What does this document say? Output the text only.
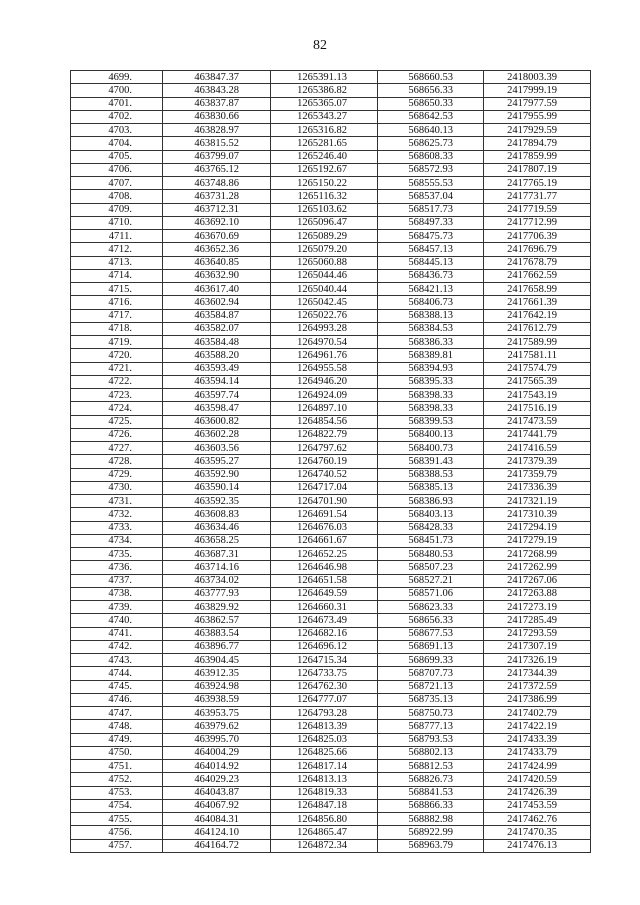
82
4699.	463847.37	1265391.13	568660.53	2418003.39
4700.	463843.28	1265386.82	568656.33	2417999.19
4701.	463837.87	1265365.07	568650.33	2417977.59
4702.	463830.66	1265343.27	568642.53	2417955.99
4703.	463828.97	1265316.82	568640.13	2417929.59
4704.	463815.52	1265281.65	568625.73	2417894.79
4705.	463799.07	1265246.40	568608.33	2417859.99
4706.	463765.12	1265192.67	568572.93	2417807.19
4707.	463748.86	1265150.22	568555.53	2417765.19
4708.	463731.28	1265116.32	568537.04	2417731.77
4709.	463712.31	1265103.62	568517.73	2417719.59
4710.	463692.10	1265096.47	568497.33	2417712.99
4711.	463670.69	1265089.29	568475.73	2417706.39
4712.	463652.36	1265079.20	568457.13	2417696.79
4713.	463640.85	1265060.88	568445.13	2417678.79
4714.	463632.90	1265044.46	568436.73	2417662.59
4715.	463617.40	1265040.44	568421.13	2417658.99
4716.	463602.94	1265042.45	568406.73	2417661.39
4717.	463584.87	1265022.76	568388.13	2417642.19
4718.	463582.07	1264993.28	568384.53	2417612.79
4719.	463584.48	1264970.54	568386.33	2417589.99
4720.	463588.20	1264961.76	568389.81	2417581.11
4721.	463593.49	1264955.58	568394.93	2417574.79
4722.	463594.14	1264946.20	568395.33	2417565.39
4723.	463597.74	1264924.09	568398.33	2417543.19
4724.	463598.47	1264897.10	568398.33	2417516.19
4725.	463600.82	1264854.56	568399.53	2417473.59
4726.	463602.28	1264822.79	568400.13	2417441.79
4727.	463603.56	1264797.62	568400.73	2417416.59
4728.	463595.27	1264760.19	568391.43	2417379.39
4729.	463592.90	1264740.52	568388.53	2417359.79
4730.	463590.14	1264717.04	568385.13	2417336.39
4731.	463592.35	1264701.90	568386.93	2417321.19
4732.	463608.83	1264691.54	568403.13	2417310.39
4733.	463634.46	1264676.03	568428.33	2417294.19
4734.	463658.25	1264661.67	568451.73	2417279.19
4735.	463687.31	1264652.25	568480.53	2417268.99
4736.	463714.16	1264646.98	568507.23	2417262.99
4737.	463734.02	1264651.58	568527.21	2417267.06
4738.	463777.93	1264649.59	568571.06	2417263.88
4739.	463829.92	1264660.31	568623.33	2417273.19
4740.	463862.57	1264673.49	568656.33	2417285.49
4741.	463883.54	1264682.16	568677.53	2417293.59
4742.	463896.77	1264696.12	568691.13	2417307.19
4743.	463904.45	1264715.34	568699.33	2417326.19
4744.	463912.35	1264733.75	568707.73	2417344.39
4745.	463924.98	1264762.30	568721.13	2417372.59
4746.	463938.59	1264777.07	568735.13	2417386.99
4747.	463953.75	1264793.28	568750.73	2417402.79
4748.	463979.62	1264813.39	568777.13	2417422.19
4749.	463995.70	1264825.03	568793.53	2417433.39
4750.	464004.29	1264825.66	568802.13	2417433.79
4751.	464014.92	1264817.14	568812.53	2417424.99
4752.	464029.23	1264813.13	568826.73	2417420.59
4753.	464043.87	1264819.33	568841.53	2417426.39
4754.	464067.92	1264847.18	568866.33	2417453.59
4755.	464084.31	1264856.80	568882.98	2417462.76
4756.	464124.10	1264865.47	568922.99	2417470.35
4757.	464164.72	1264872.34	568963.79	2417476.13
